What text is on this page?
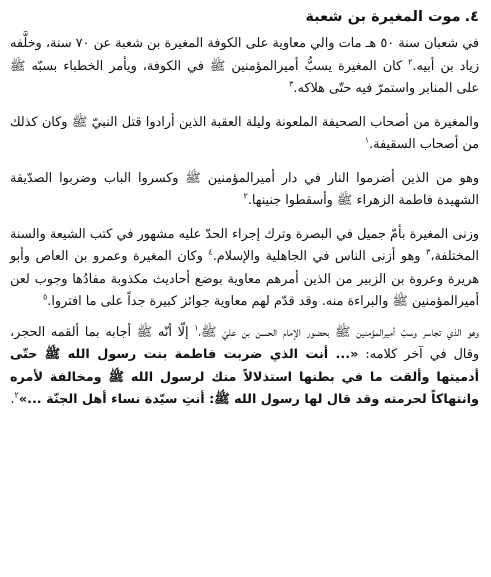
٤.
موت المغيرة بن شعبة

في شعبان سنة ٥٠ هـ مات والي معاوية على الكوفة المغيرة بن شعبة عن ٧٠ سنة، وخلَّفه زياد بن أبيه.$^٢$ كان المغيرة يسبُّ أميرالمؤمنين ﷺ في الكوفة، ويأمر الخطباء بسبّه ﷺ على المنابر واستمرّ فيه حتّى هلاكه.$^٣$

والمغيرة من أصحاب الصحيفة الملعونة وليلة العقبة الذين أرادوا قتل النبيّ ﷺ وكان كذلك من أصحاب السقيفة.$^١$

وهو من الذين أضرموا النار في دار أميرالمؤمنين ﷺ وكسروا الباب وضربوا الصدّيقة الشهيدة فاطمة الزهراء ﷺ وأسقطوا جنينها.$^٢$

وزنى المغيرة بأمّ جميل في البصرة وترك إجراء الحدّ عليه مشهور في كتب الشيعة والسنة المختلفة،$^٣$ وهو أزنى الناس في الجاهلية والإسلام.$^٤$ وكان المغيرة وعمرو بن العاص وأبو هريرة وعروة بن الزبير من الذين أمرهم معاوية بوضع أحاديث مكذوبة مفادُها وجوب لعن أميرالمؤمنين ﷺ والبراءة منه. وقد قدّم لهم معاوية جوائز كبيرة جداً على ما افتروا.$^٥$

وهو الذي تجاسر وسبّ أميرالمؤمنين ﷺ بحضور الإمام الحسن بن عليّ ﷺ،$^١$ إلّا أنّه ﷺ أجابه بما ألقمه الحجر، وقال في آخر كلامه: «... أنت الذي ضربت فاطمة بنت رسول الله ﷺ حتّى أدميتها وألقت ما في بطنها استذلالاً منك لرسول الله ﷺ ومخالفة لأمره وانتهاكاً لحرمته وقد قال لها رسول الله ﷺ: أنتِ سيّدة نساء أهل الجنّة ...»$^٢$.
